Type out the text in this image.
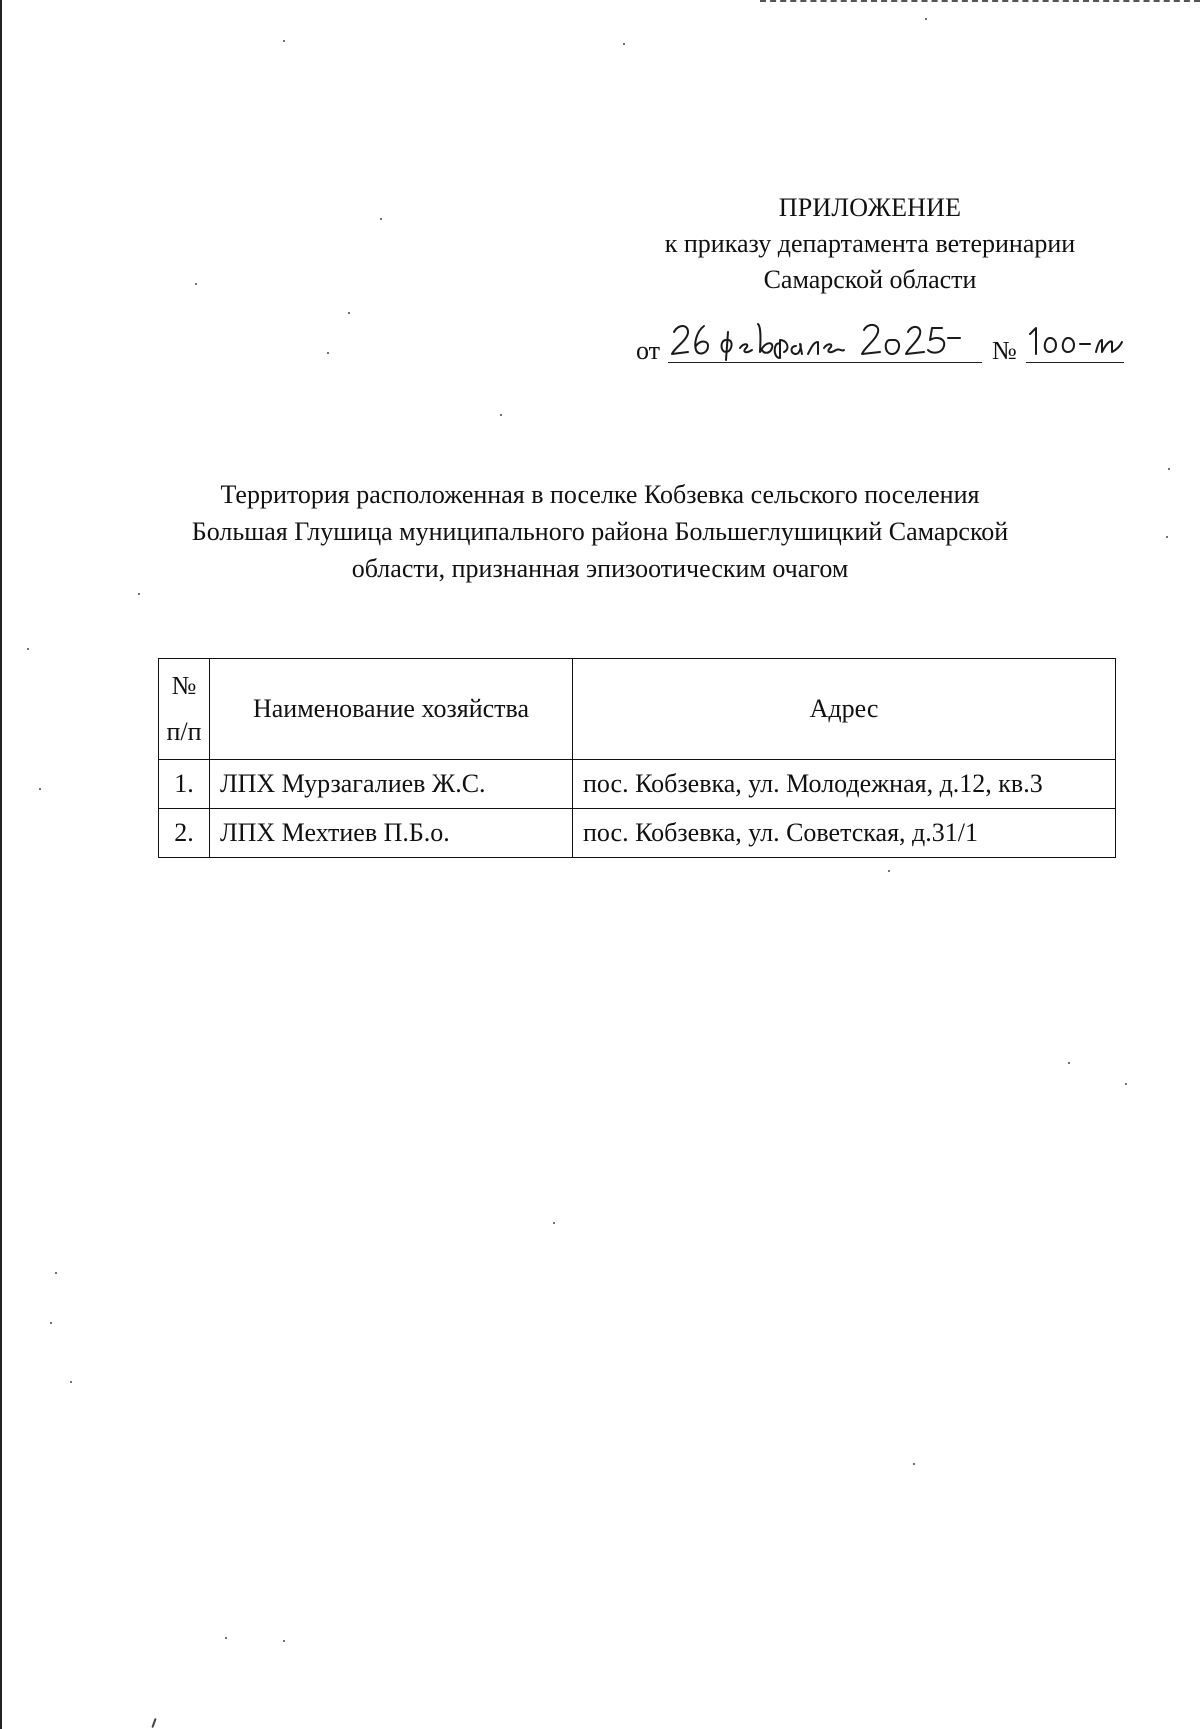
ПРИЛОЖЕНИЕ
к приказу департамента ветеринарии
Самарской области
от	№
Территория расположенная в поселке Кобзевка сельского поселения
Большая Глушица муниципального района Большеглушицкий Самарской
области, признанная эпизоотическим очагом
№
п/п	Наименование хозяйства	Адрес
1.	ЛПХ Мурзагалиев Ж.С.	пос. Кобзевка, ул. Молодежная, д.12, кв.3
2.	ЛПХ Мехтиев П.Б.о.	пос. Кобзевка, ул. Советская, д.31/1
